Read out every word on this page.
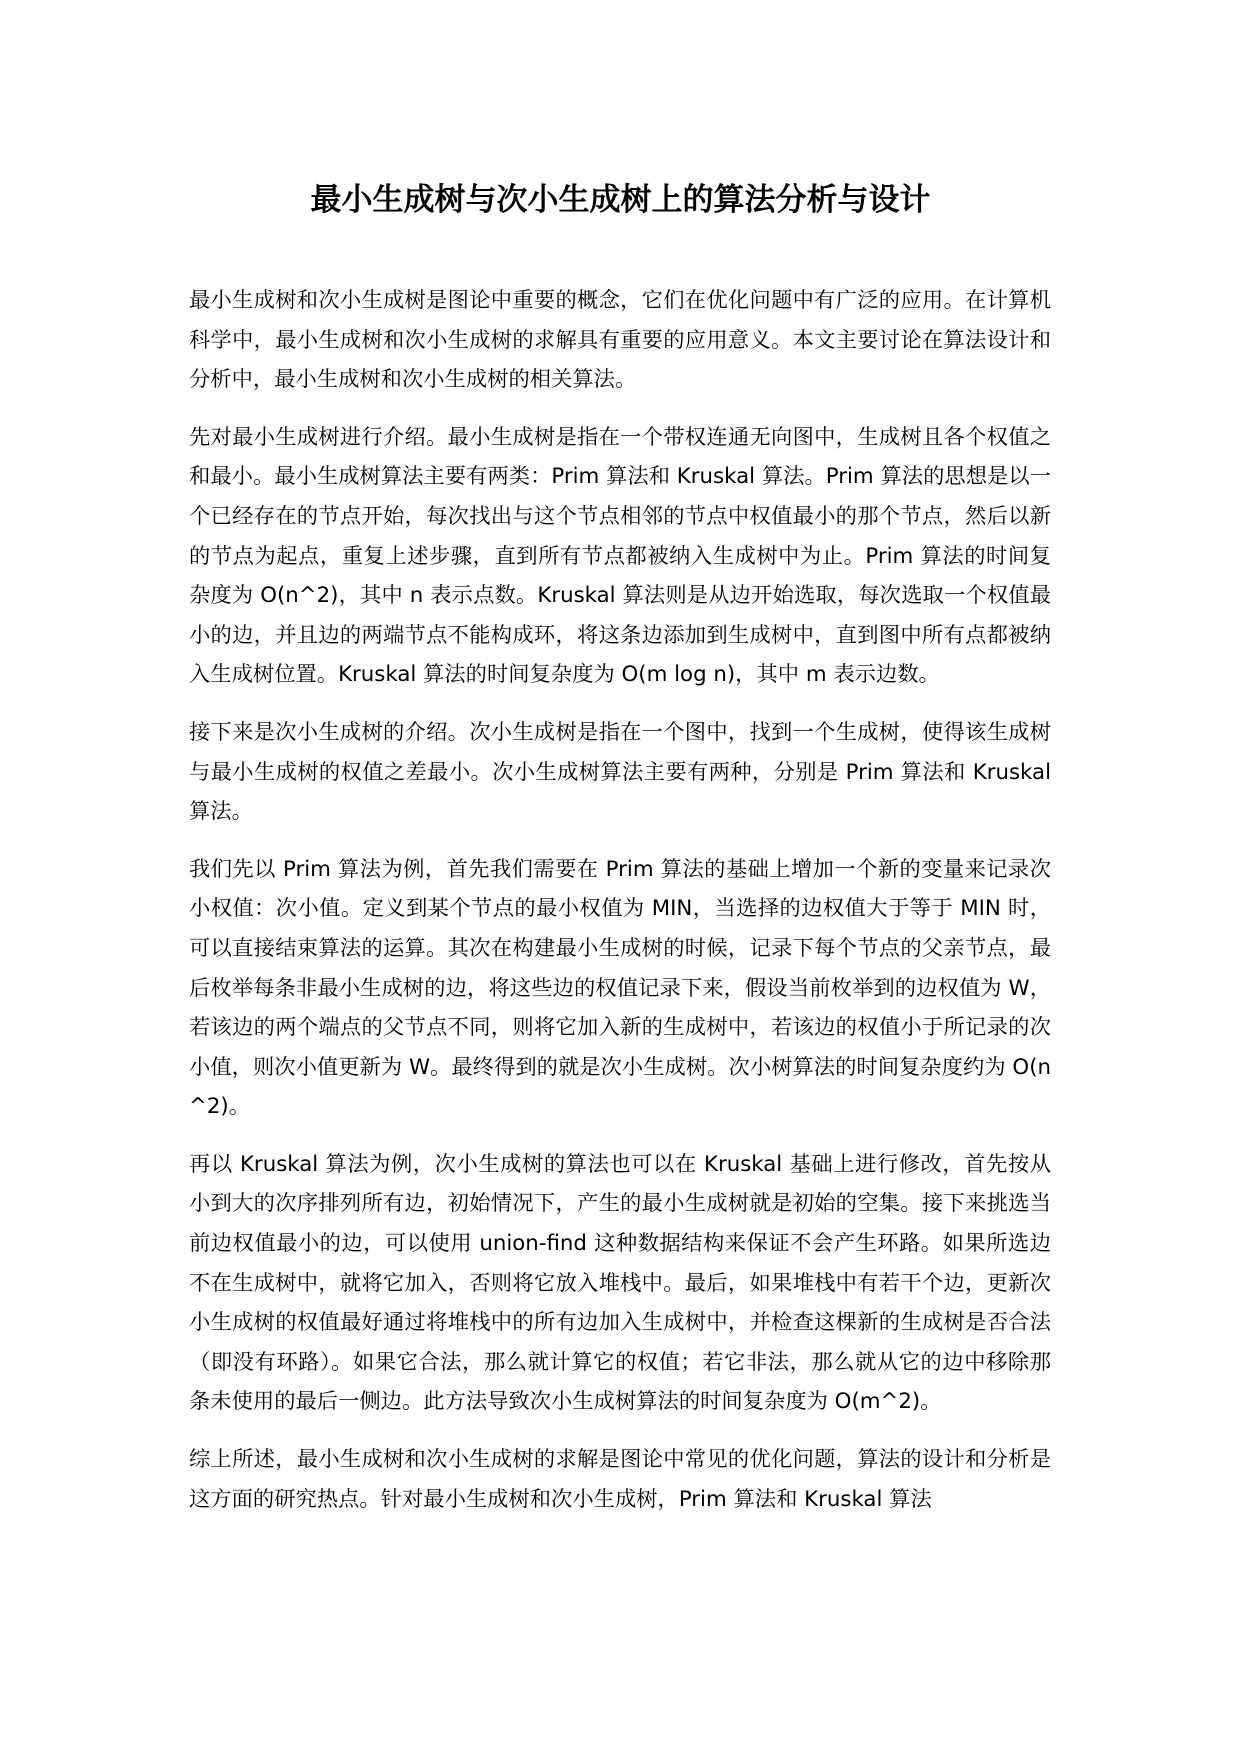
最小生成树与次小生成树上的算法分析与设计

最小生成树和次小生成树是图论中重要的概念，它们在优化问题中有广泛的应用。在计算机科学中，最小生成树和次小生成树的求解具有重要的应用意义。本文主要讨论在算法设计和分析中，最小生成树和次小生成树的相关算法。

先对最小生成树进行介绍。最小生成树是指在一个带权连通无向图中，生成树且各个权值之和最小。最小生成树算法主要有两类：Prim 算法和 Kruskal 算法。Prim 算法的思想是以一个已经存在的节点开始，每次找出与这个节点相邻的节点中权值最小的那个节点，然后以新的节点为起点，重复上述步骤，直到所有节点都被纳入生成树中为止。Prim 算法的时间复杂度为 O(n^2)，其中 n 表示点数。Kruskal 算法则是从边开始选取，每次选取一个权值最小的边，并且边的两端节点不能构成环，将这条边添加到生成树中，直到图中所有点都被纳入生成树位置。Kruskal 算法的时间复杂度为 O(m log n)，其中 m 表示边数。

接下来是次小生成树的介绍。次小生成树是指在一个图中，找到一个生成树，使得该生成树与最小生成树的权值之差最小。次小生成树算法主要有两种，分别是 Prim 算法和 Kruskal 算法。

我们先以 Prim 算法为例，首先我们需要在 Prim 算法的基础上增加一个新的变量来记录次小权值：次小值。定义到某个节点的最小权值为 MIN，当选择的边权值大于等于 MIN 时，可以直接结束算法的运算。其次在构建最小生成树的时候，记录下每个节点的父亲节点，最后枚举每条非最小生成树的边，将这些边的权值记录下来，假设当前枚举到的边权值为 W，若该边的两个端点的父节点不同，则将它加入新的生成树中，若该边的权值小于所记录的次小值，则次小值更新为 W。最终得到的就是次小生成树。次小树算法的时间复杂度约为 O(n^2)。

再以 Kruskal 算法为例，次小生成树的算法也可以在 Kruskal 基础上进行修改，首先按从小到大的次序排列所有边，初始情况下，产生的最小生成树就是初始的空集。接下来挑选当前边权值最小的边，可以使用 union-find 这种数据结构来保证不会产生环路。如果所选边不在生成树中，就将它加入，否则将它放入堆栈中。最后，如果堆栈中有若干个边，更新次小生成树的权值最好通过将堆栈中的所有边加入生成树中，并检查这棵新的生成树是否合法（即没有环路）。如果它合法，那么就计算它的权值；若它非法，那么就从它的边中移除那条未使用的最后一侧边。此方法导致次小生成树算法的时间复杂度为 O(m^2)。

综上所述，最小生成树和次小生成树的求解是图论中常见的优化问题，算法的设计和分析是这方面的研究热点。针对最小生成树和次小生成树，Prim 算法和 Kruskal 算法
